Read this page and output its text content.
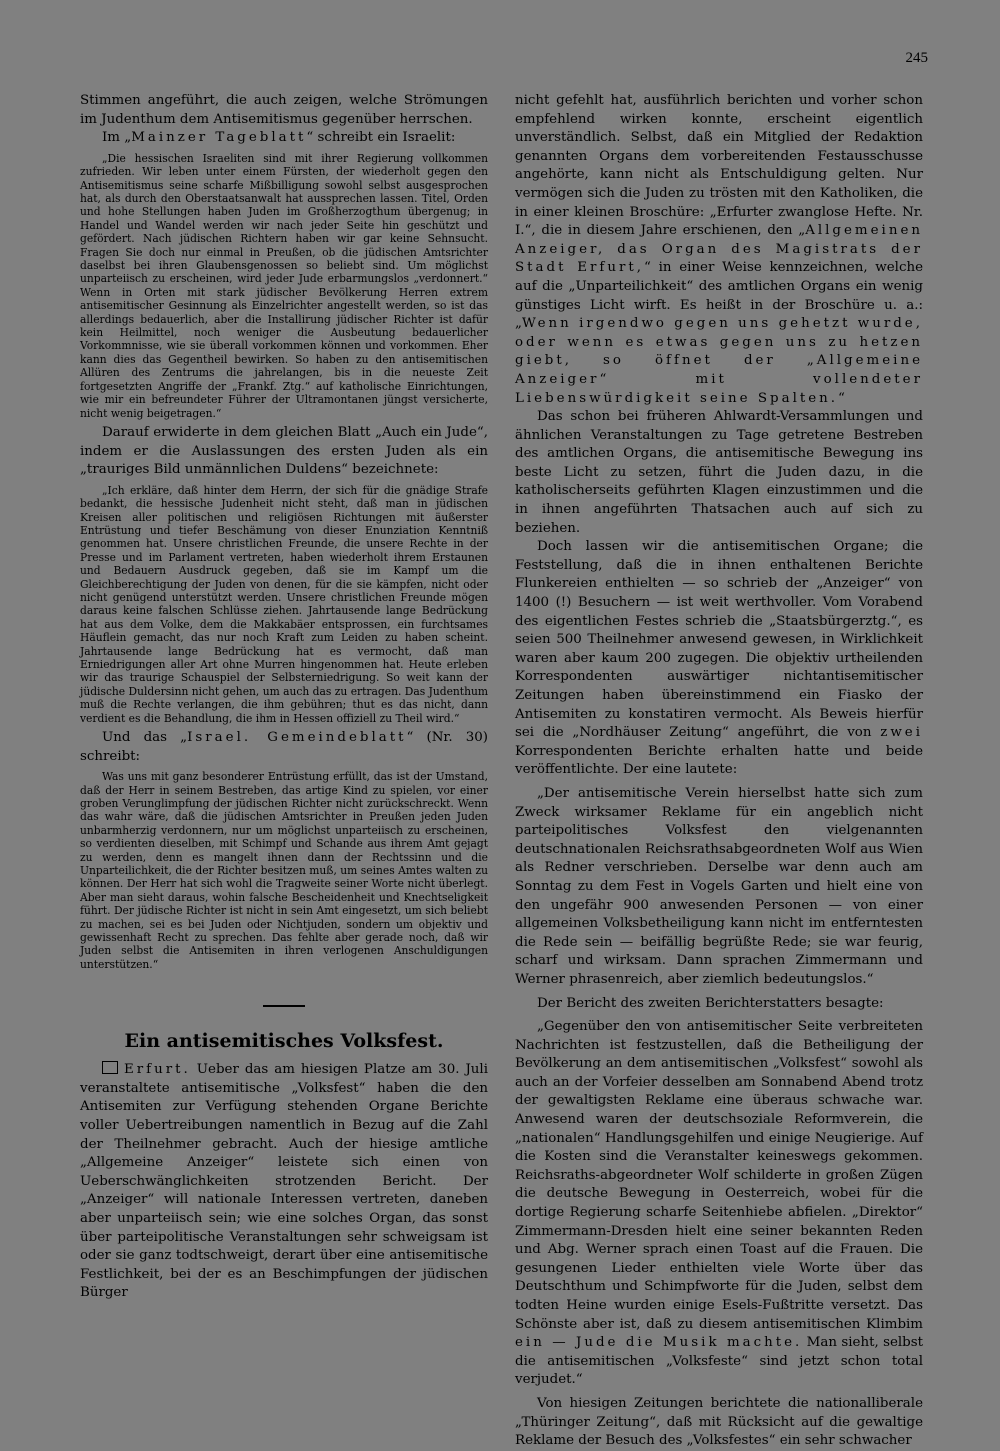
245

Stimmen angeführt, die auch zeigen, welche Strömungen im Judenthum dem Antisemitismus gegenüber herrschen.

Im „Mainzer Tageblatt“ schreibt ein Israelit:

„Die hessischen Israeliten sind mit ihrer Regierung vollkommen zufrieden. Wir leben unter einem Fürsten, der wiederholt gegen den Antisemitismus seine scharfe Mißbilligung sowohl selbst ausgesprochen hat, als durch den Oberstaatsanwalt hat aussprechen lassen. Titel, Orden und hohe Stellungen haben Juden im Großherzogthum übergenug; in Handel und Wandel werden wir nach jeder Seite hin geschützt und gefördert. Nach jüdischen Richtern haben wir gar keine Sehnsucht. Fragen Sie doch nur einmal in Preußen, ob die jüdischen Amtsrichter daselbst bei ihren Glaubensgenossen so beliebt sind. Um möglichst unparteiisch zu erscheinen, wird jeder Jude erbarmungslos „verdonnert.“ Wenn in Orten mit stark jüdischer Bevölkerung Herren extrem antisemitischer Gesinnung als Einzelrichter angestellt werden, so ist das allerdings bedauerlich, aber die Installirung jüdischer Richter ist dafür kein Heilmittel, noch weniger die Ausbeutung bedauerlicher Vorkommnisse, wie sie überall vorkommen können und vorkommen. Eher kann dies das Gegentheil bewirken. So haben zu den antisemitischen Allüren des Zentrums die jahrelangen, bis in die neueste Zeit fortgesetzten Angriffe der „Frankf. Ztg.“ auf katholische Einrichtungen, wie mir ein befreundeter Führer der Ultramontanen jüngst versicherte, nicht wenig beigetragen.“

Darauf erwiderte in dem gleichen Blatt „Auch ein Jude“, indem er die Auslassungen des ersten Juden als ein „trauriges Bild unmännlichen Duldens“ bezeichnete:

„Ich erkläre, daß hinter dem Herrn, der sich für die gnädige Strafe bedankt, die hessische Judenheit nicht steht, daß man in jüdischen Kreisen aller politischen und religiösen Richtungen mit äußerster Entrüstung und tiefer Beschämung von dieser Enunziation Kenntniß genommen hat. Unsere christlichen Freunde, die unsere Rechte in der Presse und im Parlament vertreten, haben wiederholt ihrem Erstaunen und Bedauern Ausdruck gegeben, daß sie im Kampf um die Gleichberechtigung der Juden von denen, für die sie kämpfen, nicht oder nicht genügend unterstützt werden. Unsere christlichen Freunde mögen daraus keine falschen Schlüsse ziehen. Jahrtausende lange Bedrückung hat aus dem Volke, dem die Makkabäer entsprossen, ein furchtsames Häuflein gemacht, das nur noch Kraft zum Leiden zu haben scheint. Jahrtausende lange Bedrückung hat es vermocht, daß man Erniedrigungen aller Art ohne Murren hingenommen hat. Heute erleben wir das traurige Schauspiel der Selbsterniedrigung. So weit kann der jüdische Duldersinn nicht gehen, um auch das zu ertragen. Das Judenthum muß die Rechte verlangen, die ihm gebühren; thut es das nicht, dann verdient es die Behandlung, die ihm in Hessen offiziell zu Theil wird.“

Und das „Israel. Gemeindeblatt“ (Nr. 30) schreibt:

Was uns mit ganz besonderer Entrüstung erfüllt, das ist der Umstand, daß der Herr in seinem Bestreben, das artige Kind zu spielen, vor einer groben Verunglimpfung der jüdischen Richter nicht zurückschreckt. Wenn das wahr wäre, daß die jüdischen Amtsrichter in Preußen jeden Juden unbarmherzig verdonnern, nur um möglichst unparteiisch zu erscheinen, so verdienten dieselben, mit Schimpf und Schande aus ihrem Amt gejagt zu werden, denn es mangelt ihnen dann der Rechtssinn und die Unparteilichkeit, die der Richter besitzen muß, um seines Amtes walten zu können. Der Herr hat sich wohl die Tragweite seiner Worte nicht überlegt. Aber man sieht daraus, wohin falsche Bescheidenheit und Knechtseligkeit führt. Der jüdische Richter ist nicht in sein Amt eingesetzt, um sich beliebt zu machen, sei es bei Juden oder Nichtjuden, sondern um objektiv und gewissenhaft Recht zu sprechen. Das fehlte aber gerade noch, daß wir Juden selbst die Antisemiten in ihren verlogenen Anschuldigungen unterstützen.“

Ein antisemitisches Volksfest.

Erfurt. Ueber das am hiesigen Platze am 30. Juli veranstaltete antisemitische „Volksfest“ haben die den Antisemiten zur Verfügung stehenden Organe Berichte voller Uebertreibungen namentlich in Bezug auf die Zahl der Theilnehmer gebracht. Auch der hiesige amtliche „Allgemeine Anzeiger“ leistete sich einen von Ueberschwänglichkeiten strotzenden Bericht. Der „Anzeiger“ will nationale Interessen vertreten, daneben aber unparteiisch sein; wie eine solches Organ, das sonst über parteipolitische Veranstaltungen sehr schweigsam ist oder sie ganz todtschweigt, derart über eine antisemitische Festlichkeit, bei der es an Beschimpfungen der jüdischen Bürger

nicht gefehlt hat, ausführlich berichten und vorher schon empfehlend wirken konnte, erscheint eigentlich unverständlich. Selbst, daß ein Mitglied der Redaktion genannten Organs dem vorbereitenden Festausschusse angehörte, kann nicht als Entschuldigung gelten. Nur vermögen sich die Juden zu trösten mit den Katholiken, die in einer kleinen Broschüre: „Erfurter zwanglose Hefte. Nr. I.“, die in diesem Jahre erschienen, den „Allgemeinen Anzeiger, das Organ des Magistrats der Stadt Erfurt,“ in einer Weise kennzeichnen, welche auf die „Unparteilichkeit“ des amtlichen Organs ein wenig günstiges Licht wirft. Es heißt in der Broschüre u. a.: „Wenn irgendwo gegen uns gehetzt wurde, oder wenn es etwas gegen uns zu hetzen giebt, so öffnet der „Allgemeine Anzeiger“ mit vollendeter Liebenswürdigkeit seine Spalten.“

Das schon bei früheren Ahlwardt-Versammlungen und ähnlichen Veranstaltungen zu Tage getretene Bestreben des amtlichen Organs, die antisemitische Bewegung ins beste Licht zu setzen, führt die Juden dazu, in die katholischerseits geführten Klagen einzustimmen und die in ihnen angeführten Thatsachen auch auf sich zu beziehen.

Doch lassen wir die antisemitischen Organe; die Feststellung, daß die in ihnen enthaltenen Berichte Flunkereien enthielten — so schrieb der „Anzeiger“ von 1400 (!) Besuchern — ist weit werthvoller. Vom Vorabend des eigentlichen Festes schrieb die „Staatsbürgerztg.“, es seien 500 Theilnehmer anwesend gewesen, in Wirklichkeit waren aber kaum 200 zugegen. Die objektiv urtheilenden Korrespondenten auswärtiger nichtantisemitischer Zeitungen haben übereinstimmend ein Fiasko der Antisemiten zu konstatiren vermocht. Als Beweis hierfür sei die „Nordhäuser Zeitung“ angeführt, die von zwei Korrespondenten Berichte erhalten hatte und beide veröffentlichte. Der eine lautete:

„Der antisemitische Verein hierselbst hatte sich zum Zweck wirksamer Reklame für ein angeblich nicht parteipolitisches Volksfest den vielgenannten deutschnationalen Reichsrathsabgeordneten Wolf aus Wien als Redner verschrieben. Derselbe war denn auch am Sonntag zu dem Fest in Vogels Garten und hielt eine von den ungefähr 900 anwesenden Personen — von einer allgemeinen Volksbetheiligung kann nicht im entferntesten die Rede sein — beifällig begrüßte Rede; sie war feurig, scharf und wirksam. Dann sprachen Zimmermann und Werner phrasenreich, aber ziemlich bedeutungslos.“

Der Bericht des zweiten Berichterstatters besagte:

„Gegenüber den von antisemitischer Seite verbreiteten Nachrichten ist festzustellen, daß die Betheiligung der Bevölkerung an dem antisemitischen „Volksfest“ sowohl als auch an der Vorfeier desselben am Sonnabend Abend trotz der gewaltigsten Reklame eine überaus schwache war. Anwesend waren der deutschsoziale Reformverein, die „nationalen“ Handlungsgehilfen und einige Neugierige. Auf die Kosten sind die Veranstalter keineswegs gekommen. Reichsraths-abgeordneter Wolf schilderte in großen Zügen die deutsche Bewegung in Oesterreich, wobei für die dortige Regierung scharfe Seitenhiebe abfielen. „Direktor“ Zimmermann-Dresden hielt eine seiner bekannten Reden und Abg. Werner sprach einen Toast auf die Frauen. Die gesungenen Lieder enthielten viele Worte über das Deutschthum und Schimpfworte für die Juden, selbst dem todten Heine wurden einige Esels-Fußtritte versetzt. Das Schönste aber ist, daß zu diesem antisemitischen Klimbim ein — Jude die Musik machte. Man sieht, selbst die antisemitischen „Volksfeste“ sind jetzt schon total verjudet.“

Von hiesigen Zeitungen berichtete die nationalliberale „Thüringer Zeitung“, daß mit Rücksicht auf die gewaltige Reklame der Besuch des „Volksfestes“ ein sehr schwacher
